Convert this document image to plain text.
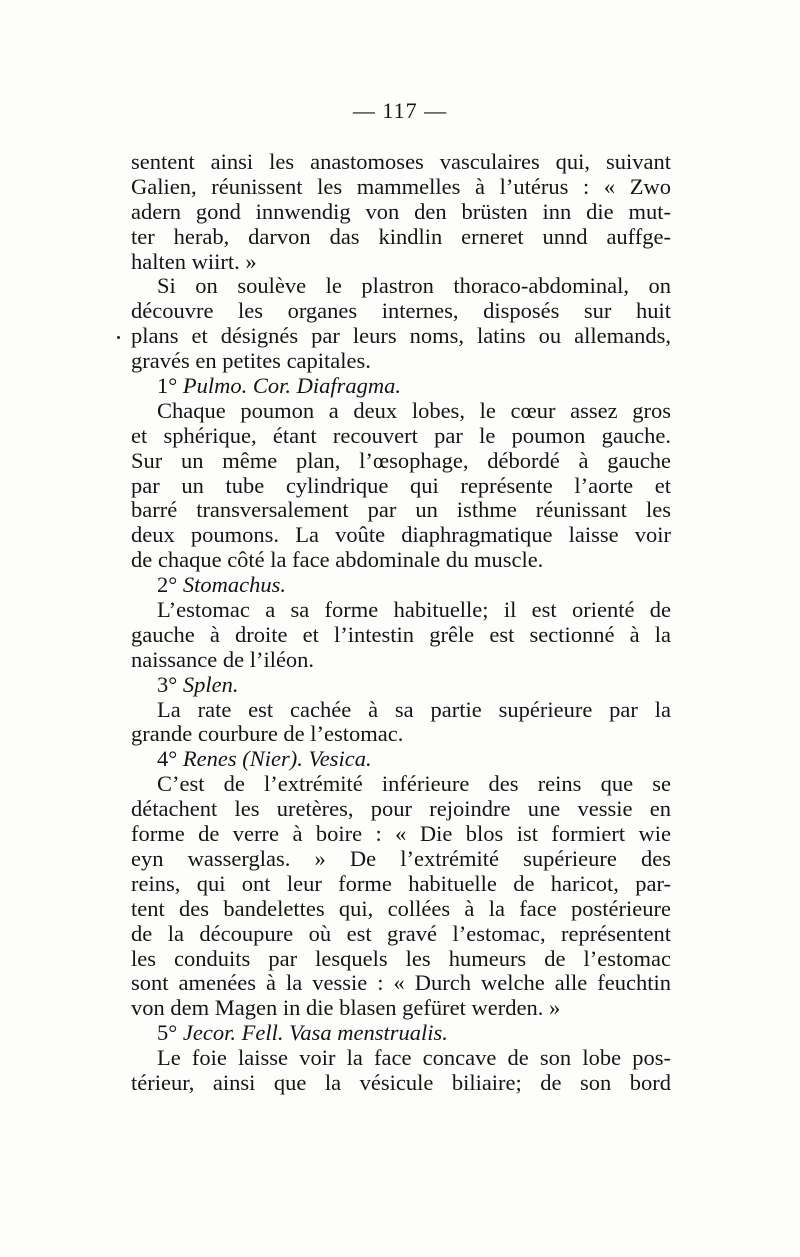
— 117 —
sentent ainsi les anastomoses vasculaires qui, suivant
Galien, réunissent les mammelles à l’utérus : « Zwo
adern gond innwendig von den brüsten inn die mut-
ter herab, darvon das kindlin erneret unnd auffge-
halten wiirt. »
Si on soulève le plastron thoraco-abdominal, on
découvre les organes internes, disposés sur huit
plans et désignés par leurs noms, latins ou allemands,
gravés en petites capitales.
1° Pulmo. Cor. Diafragma.
Chaque poumon a deux lobes, le cœur assez gros
et sphérique, étant recouvert par le poumon gauche.
Sur un même plan, l’œsophage, débordé à gauche
par un tube cylindrique qui représente l’aorte et
barré transversalement par un isthme réunissant les
deux poumons. La voûte diaphragmatique laisse voir
de chaque côté la face abdominale du muscle.
2° Stomachus.
L’estomac a sa forme habituelle; il est orienté de
gauche à droite et l’intestin grêle est sectionné à la
naissance de l’iléon.
3° Splen.
La rate est cachée à sa partie supérieure par la
grande courbure de l’estomac.
4° Renes (Nier). Vesica.
C’est de l’extrémité inférieure des reins que se
détachent les uretères, pour rejoindre une vessie en
forme de verre à boire : « Die blos ist formiert wie
eyn wasserglas. » De l’extrémité supérieure des
reins, qui ont leur forme habituelle de haricot, par-
tent des bandelettes qui, collées à la face postérieure
de la découpure où est gravé l’estomac, représentent
les conduits par lesquels les humeurs de l’estomac
sont amenées à la vessie : « Durch welche alle feuchtin
von dem Magen in die blasen gefüret werden. »
5° Jecor. Fell. Vasa menstrualis.
Le foie laisse voir la face concave de son lobe pos-
térieur, ainsi que la vésicule biliaire; de son bord
